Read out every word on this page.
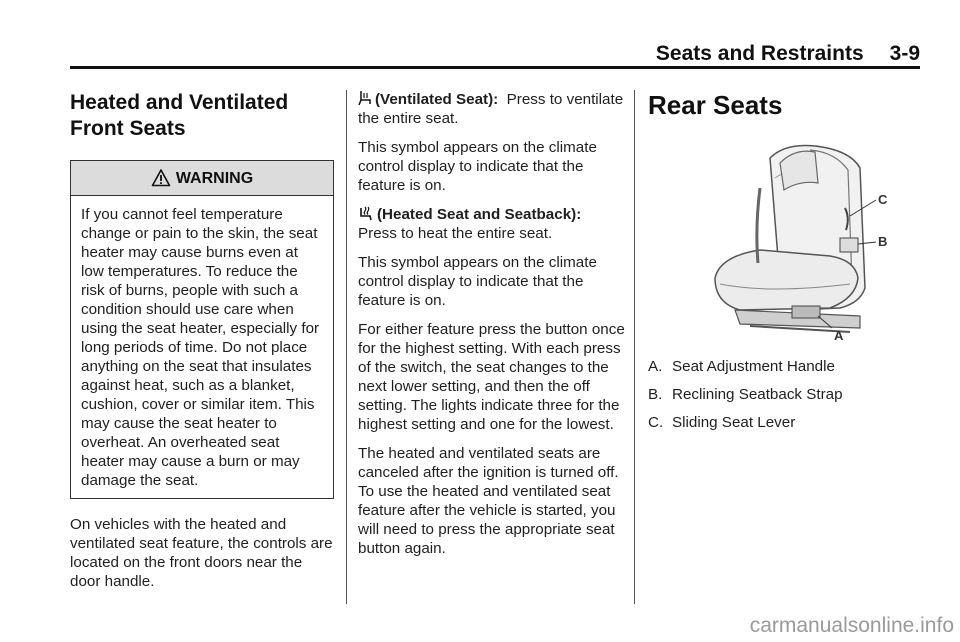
Seats and Restraints 3-9
Heated and Ventilated
Front Seats
WARNING
If you cannot feel temperature change or pain to the skin, the seat heater may cause burns even at low temperatures. To reduce the risk of burns, people with such a condition should use care when using the seat heater, especially for long periods of time. Do not place anything on the seat that insulates against heat, such as a blanket, cushion, cover or similar item. This may cause the seat heater to overheat. An overheated seat heater may cause a burn or may damage the seat.

On vehicles with the heated and ventilated seat feature, the controls are located on the front doors near the door handle.

(Ventilated Seat): Press to ventilate the entire seat.

This symbol appears on the climate control display to indicate that the feature is on.

(Heated Seat and Seatback):
Press to heat the entire seat.

This symbol appears on the climate control display to indicate that the feature is on.

For either feature press the button once for the highest setting. With each press of the switch, the seat changes to the next lower setting, and then the off setting. The lights indicate three for the highest setting and one for the lowest.

The heated and ventilated seats are canceled after the ignition is turned off. To use the heated and ventilated seat feature after the vehicle is started, you will need to press the appropriate seat button again.

Rear Seats
C
B
A

A. Seat Adjustment Handle

B. Reclining Seatback Strap

C. Sliding Seat Lever

carmanualsonline.info
